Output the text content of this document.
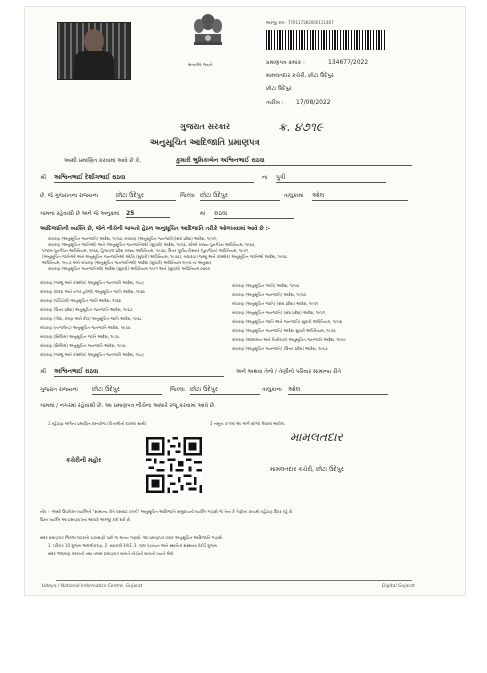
સત્યમેવ જયતે
અરજી ક્રમ : 770117382000111467
પ્રમાણપત્ર ક્રમાંક :	134677/2022
મામલતદાર કચેરી, છોટા ઉદેપુર
છોટા ઉદેપુર
તારીખ : 17/08/2022
ગુજરાત સરકાર
અનુસૂચિત આદિજાતિ પ્રમાણપત્ર
ક્ર. ૪૭૧૯
આથી પ્રમાણિત કરવામાં આવે છે કે,	કુમારી ભુમિકાબેન અશ્વિનભાઈ રાઠવા
શ્રી અશ્વિનભાઈ દેશીંગભાઈ રાઠવા	ના પુત્રી
છે. જે ગુજરાતના રાજ્યના	છોટા ઉદેપુર	જિલ્લા છોટા ઉદેપુર	તાલુકામાં ઓલ
ગામના રહેવાસી છે અને જે અનુક્રમાં 25	માં રાઠવા
આદિજાતિની વ્યક્તિ છે, જેને નીચેની બાબતો હેઠળ અનુસૂચિત આદિજાતિ તરીકે ઓળખવામાં આવે છે :-
બંધારણ (અનુસૂચિત જનજાતિ) આદેશ, ૧૯૫૦, બંધારણ (અનુસૂચિત જનજાતિ)(સંઘ પ્રદેશ) આદેશ, ૧૯૫૧,
બંધારણ (અનુસૂચિત જાતિઓ) અને (અનુસૂચિત જનજાતિઓ) (સુધારો) આદેશ, ૧૯૫૬, બોમ્બે રાજ્ય પુનર્ગઠન અધિનિયમ, ૧૯૬૦,
પંજાબ પુનર્ગઠન અધિનિયમ, ૧૯૬૬, હિમાચલ પ્રદેશ રાજ્ય અધિનિયમ, ૧૯૭૦, ઉત્તર પૂર્વીય વિસ્તાર (પુનર્ગઠન) અધિનિયમ, ૧૯૭૧
(અનુસૂચિત જાતિઓ અને અનુસૂચિત જનજાતિઓ ઓર્ડર (સુધારો) અધિનિયમ, ૧૯૭૬), બંધારણ (જમ્મુ અને કાશ્મીર) અનુસૂચિત જાતિઓ આદેશ, ૧૯૫૬
અધિનિયમ, ૧૯૮૭ અને બંધારણ (અનુસૂચિત જનજાતિઓ) આદેશ (સુધારો) અધિનિયમ ૧૯૯૦ ના અનુસાર
બંધારણ (અનુસૂચિત જનજાતિઓ) આદેશ (સુધારો) અધિનિયમ ૧૯૯૧ અને (સુધારો) અધિનિયમ ૨૦૦૨
બંધારણ (જમ્મુ અને કાશ્મીર) અનુસૂચિત જનજાતિ આદેશ, ૧૯૮૯
બંધારણ (દાદરા અને નગર હવેલી) અનુસૂચિત જાતિ આદેશ, ૧૯૬૨
બંધારણ (પોંડિચેરી) અનુસૂચિત જાતિ આદેશ, ૧૯૬૪
બંધારણ (ઉત્તર પ્રદેશ) અનુસૂચિત જનજાતિ આદેશ, ૧૯૬૭
બંધારણ (ગોવા, દમણ અને દીવ) અનુસૂચિત જાતિ આદેશ, ૧૯૬૮
બંધારણ (નાગાલેન્ડ) અનુસૂચિત જનજાતિ આદેશ, ૧૯૭૦
બંધારણ (સિક્કિમ) અનુસૂચિત જાતિ આદેશ, ૧૯૭૮
બંધારણ (સિક્કિમ) અનુસૂચિત જનજાતિ આદેશ, ૧૯૭૮
બંધારણ (જમ્મુ અને કાશ્મીર) અનુસૂચિત જનજાતિ આદેશ, ૧૯૮૯
બંધારણ (અનુસૂચિત જાતિ) આદેશ, ૧૯૫૦
બંધારણ (અનુસૂચિત જનજાતિ) આદેશ, ૧૯૫૦
બંધારણ (અનુસૂચિત જાતિ) (સંઘ પ્રદેશ) આદેશ, ૧૯૫૧
બંધારણ (અનુસૂચિત જનજાતિ) (સંઘ પ્રદેશ) આદેશ, ૧૯૫૧
બંધારણ (અનુસૂચિત જાતિ અને જનજાતિ) સુધારો અધિનિયમ, ૧૯૫૬
બંધારણ (અનુસૂચિત જનજાતિ) આદેશ સુધારો અધિનિયમ, ૧૯૭૬
બંધારણ (આંદામાન અને નિકોબાર) અનુસૂચિત જનજાતિ આદેશ, ૧૯૫૯
બંધારણ (અનુસૂચિત જનજાતિ) (ઉત્તર પ્રદેશ) આદેશ, ૧૯૬૭
શ્રી અશ્વિનભાઈ રાઠવા	અને અથવા તેનો / તેણીનો પરિવાર સામાન્ય રીતે
ગુજરાત રાજ્યના છોટા ઉદેપુર	જિલ્લા છોટા ઉદેપુર	તાલુકાના ઓલ
ગામમાં / નગરમાં રહેવાસી છે. આ પ્રમાણપત્ર નીચેના આધારે રજૂ કરવામાં આવે છે.
1 રહેઠાણ અંગેના પ્રમાણિત દસ્તાવેજ (પિતાશ્રીનો દાખલા સાથે)	2 નમૂના ક-૧માં આ અંગે સોગંદ લેવામાં આવેલ.
કચેરીની મહોર
મામલતદાર
મામલતદાર કચેરી, છોટા ઉદેપુર
નોંધ :- આથી ઉપરોક્ત વ્યક્તિને "સામાન્ય રીતે વસવાટ કરતી" અનુસૂચિત આદિજાતિ સમુદાયની વ્યક્તિ ગણાશે જે તેના કે તેણીના કાયમી રહેઠાણ ઉપર રહે છે.
ઉક્ત વ્યક્તિ આ પ્રમાણપત્રના આધારે અરજી કરી શકે છે.
સદર પ્રમાણપત્ર જિલ્લા ઘટકની ચકાસણી પછી જ માન્ય ગણાશે. આ પ્રમાણપત્ર ધારક અનુસૂચિત આદિજાતિ ગણાશે.
1. પરિપત્ર 10 મુજબ અમલીકરણ, 2. સરકારી રેકોર્ડ, 3. ગ્રામ પંચાયત અને સ્થાનિક સંસ્થાના રેકોર્ડ મુજબ
સદર ભલામણ કરવાની તથા તમામ પ્રમાણપત્ર બાબતે નીચેની બાબતો ધ્યાને લેવી.
Udeyo / National Informatics Centre, Gujarat	Digital Gujarat
